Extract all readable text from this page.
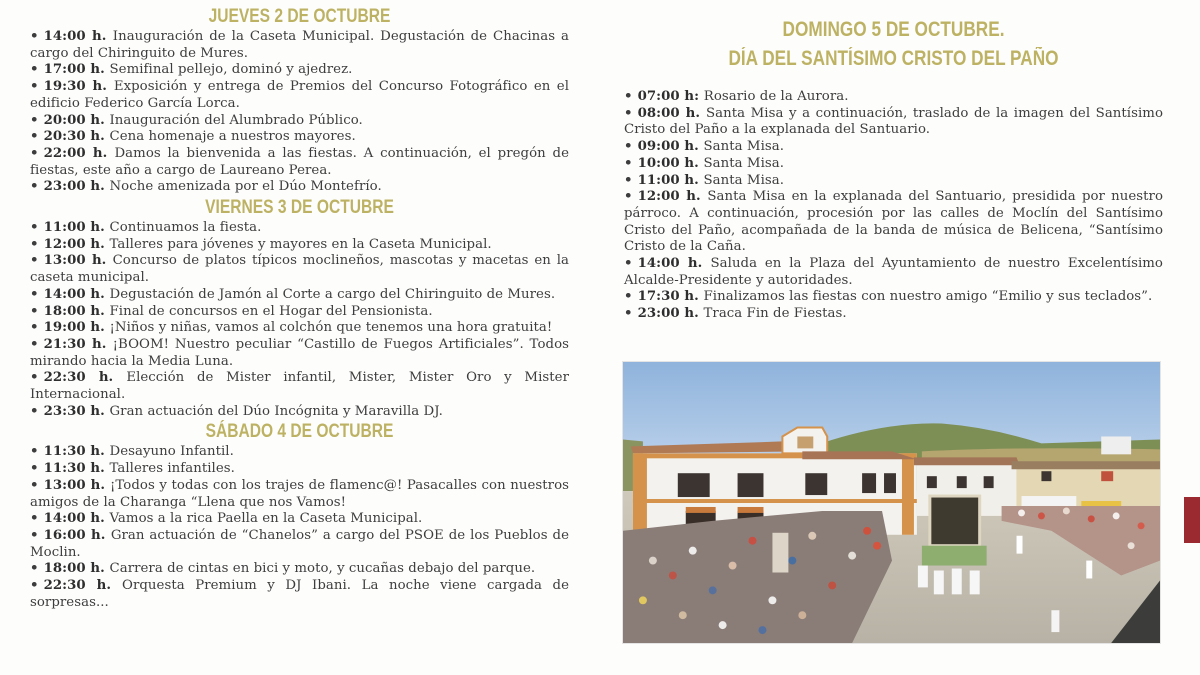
JUEVES 2 DE OCTUBRE
• 14:00 h. Inauguración de la Caseta Municipal. Degustación de Chacinas a cargo del Chiringuito de Mures.
• 17:00 h. Semifinal pellejo, dominó y ajedrez.
• 19:30 h. Exposición y entrega de Premios del Concurso Fotográfico en el edificio Federico García Lorca.
• 20:00 h. Inauguración del Alumbrado Público.
• 20:30 h. Cena homenaje a nuestros mayores.
• 22:00 h. Damos la bienvenida a las fiestas. A continuación, el pregón de fiestas, este año a cargo de Laureano Perea.
• 23:00 h. Noche amenizada por el Dúo Montefrío.
VIERNES 3 DE OCTUBRE
• 11:00 h. Continuamos la fiesta.
• 12:00 h. Talleres para jóvenes y mayores en la Caseta Municipal.
• 13:00 h. Concurso de platos típicos moclineños, mascotas y macetas en la caseta municipal.
• 14:00 h. Degustación de Jamón al Corte a cargo del Chiringuito de Mures.
• 18:00 h. Final de concursos en el Hogar del Pensionista.
• 19:00 h. ¡Niños y niñas, vamos al colchón que tenemos una hora gratuita!
• 21:30 h. ¡BOOM! Nuestro peculiar “Castillo de Fuegos Artificiales”. Todos mirando hacia la Media Luna.
• 22:30 h. Elección de Mister infantil, Mister, Mister Oro y Mister Internacional.
• 23:30 h. Gran actuación del Dúo Incógnita y Maravilla DJ.
SÁBADO 4 DE OCTUBRE
• 11:30 h. Desayuno Infantil.
• 11:30 h. Talleres infantiles.
• 13:00 h. ¡Todos y todas con los trajes de flamenc@! Pasacalles con nuestros amigos de la Charanga “Llena que nos Vamos!
• 14:00 h. Vamos a la rica Paella en la Caseta Municipal.
• 16:00 h. Gran actuación de “Chanelos” a cargo del PSOE de los Pueblos de Moclin.
• 18:00 h. Carrera de cintas en bici y moto, y cucañas debajo del parque.
• 22:30 h. Orquesta Premium y DJ Ibani. La noche viene cargada de sorpresas...
DOMINGO 5 DE OCTUBRE.
DÍA DEL SANTÍSIMO CRISTO DEL PAÑO
• 07:00 h: Rosario de la Aurora.
• 08:00 h. Santa Misa y a continuación, traslado de la imagen del Santísimo Cristo del Paño a la explanada del Santuario.
• 09:00 h. Santa Misa.
• 10:00 h. Santa Misa.
• 11:00 h. Santa Misa.
• 12:00 h. Santa Misa en la explanada del Santuario, presidida por nuestro párroco. A continuación, procesión por las calles de Moclín del Santísimo Cristo del Paño, acompañada de la banda de música de Belicena, “Santísimo Cristo de la Caña.
• 14:00 h. Saluda en la Plaza del Ayuntamiento de nuestro Excelentísimo Alcalde-Presidente y autoridades.
• 17:30 h. Finalizamos las fiestas con nuestro amigo “Emilio y sus teclados”.
• 23:00 h. Traca Fin de Fiestas.
